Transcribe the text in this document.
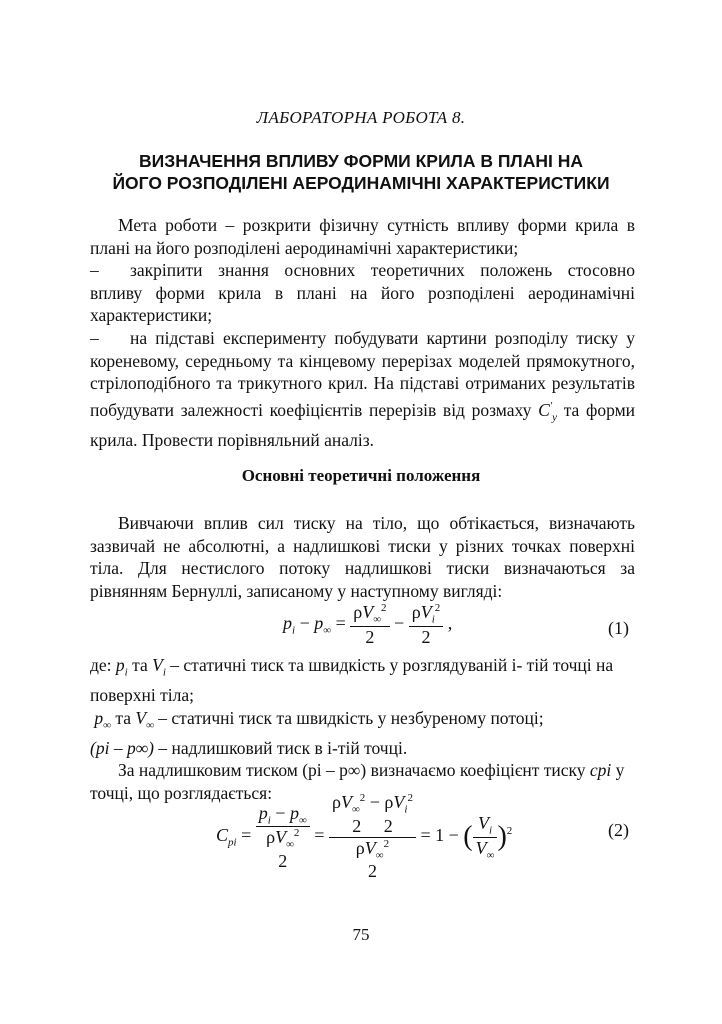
ЛАБОРАТОРНА РОБОТА 8.
ВИЗНАЧЕННЯ ВПЛИВУ ФОРМИ КРИЛА В ПЛАНІ НА
ЙОГО РОЗПОДІЛЕНІ АЕРОДИНАМІЧНІ ХАРАКТЕРИСТИКИ

Мета роботи – розкрити фізичну сутність впливу форми крила в плані на його розподілені аеродинамічні характеристики;

– закріпити знання основних теоретичних положень стосовно впливу форми крила в плані на його розподілені аеродинамічні характеристики;

– на підставі експерименту побудувати картини розподілу тиску у кореневому, середньому та кінцевому перерізах моделей прямокутного, стрілоподібного та трикутного крил. На підставі отриманих результатів побудувати залежності коефіцієнтів перерізів від розмаху $C'_y$ та форми крила. Провести порівняльний аналіз.

Основні теоретичні положення
Вивчаючи вплив сил тиску на тіло, що обтікається, визначають зазвичай не абсолютні, а надлишкові тиски у різних точках поверхні тіла. Для нестислого потоку надлишкові тиски визначаються за рівнянням Бернуллі, записаному у наступному вигляді:
$p_i - p_\infty = \frac{\rho V_\infty^2}{2} - \frac{\rho V_i^2}{2}$ ,	(1)

де: $p_i$ та $V_i$ – статичні тиск та швидкість у розглядуваній i- тій точці на поверхні тіла;

$p_\infty$ та $V_\infty$ – статичні тиск та швидкість у незбуреному потоці;

(pi – p∞) – надлишковий тиск в i-тій точці.

За надлишковим тиском (pi – p∞) визначаємо коефіцієнт тиску cpi у точці, що розглядається:

$C_{pi}$ =
$p_i - p_\infty$
$\rho V_\infty^2$
2
=
$\rho V_\infty^2 - \rho V_i^2$
2     2
$\rho V_\infty^2$
2
= 1 − ( $\frac{V_i}{V_\infty} )^2$	(2)
75
